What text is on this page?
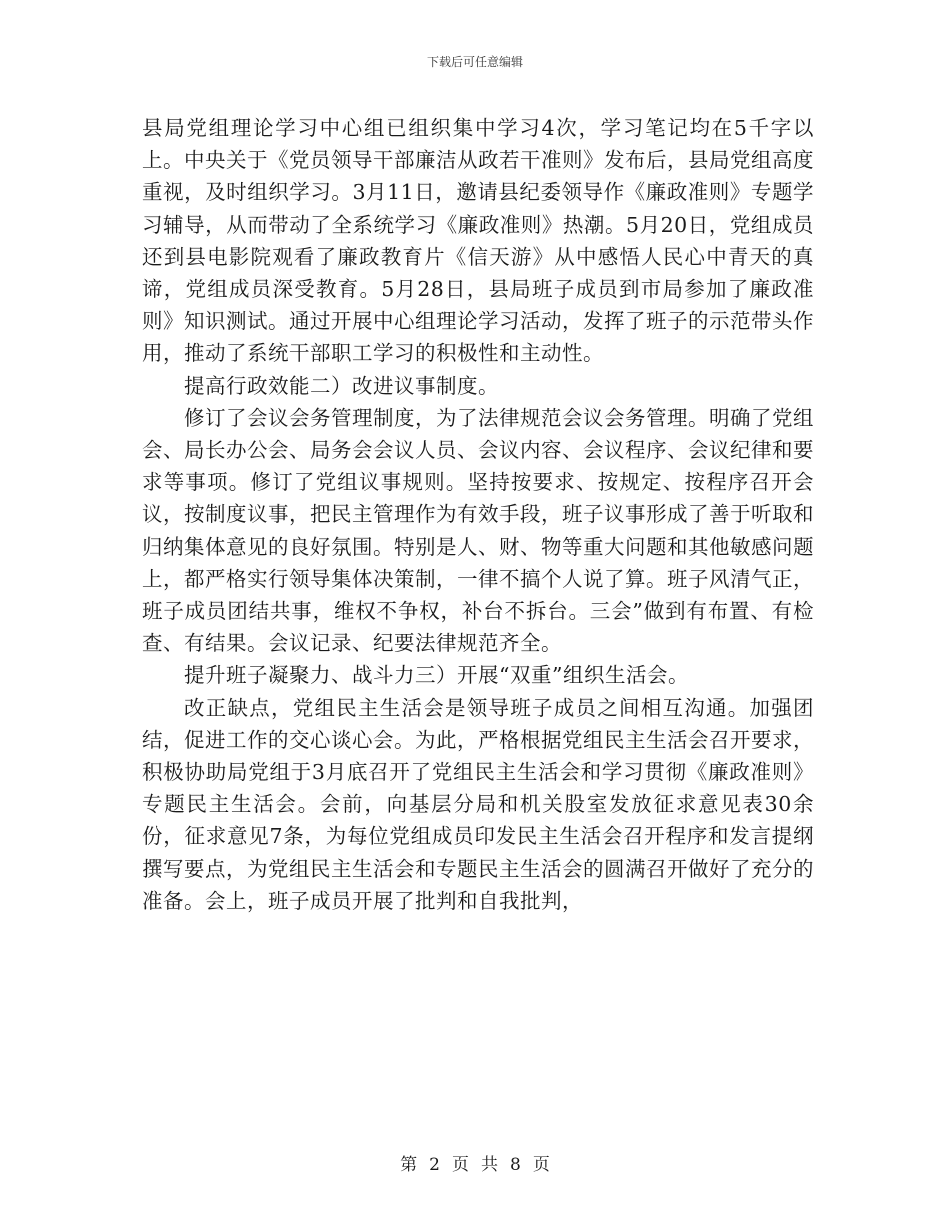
下载后可任意编辑

县局党组理论学习中心组已组织集中学习4次，学习笔记均在5千字以上。中央关于《党员领导干部廉洁从政若干准则》发布后，县局党组高度重视，及时组织学习。3月11日，邀请县纪委领导作《廉政准则》专题学习辅导，从而带动了全系统学习《廉政准则》热潮。5月20日，党组成员还到县电影院观看了廉政教育片《信天游》从中感悟人民心中青天的真谛，党组成员深受教育。5月28日，县局班子成员到市局参加了廉政准则》知识测试。通过开展中心组理论学习活动，发挥了班子的示范带头作用，推动了系统干部职工学习的积极性和主动性。

提高行政效能二）改进议事制度。

修订了会议会务管理制度，为了法律规范会议会务管理。明确了党组会、局长办公会、局务会会议人员、会议内容、会议程序、会议纪律和要求等事项。修订了党组议事规则。坚持按要求、按规定、按程序召开会议，按制度议事，把民主管理作为有效手段，班子议事形成了善于听取和归纳集体意见的良好氛围。特别是人、财、物等重大问题和其他敏感问题上，都严格实行领导集体决策制，一律不搞个人说了算。班子风清气正，班子成员团结共事，维权不争权，补台不拆台。三会”做到有布置、有检查、有结果。会议记录、纪要法律规范齐全。

提升班子凝聚力、战斗力三）开展“双重”组织生活会。

改正缺点，党组民主生活会是领导班子成员之间相互沟通。加强团结，促进工作的交心谈心会。为此，严格根据党组民主生活会召开要求，积极协助局党组于3月底召开了党组民主生活会和学习贯彻《廉政准则》专题民主生活会。会前，向基层分局和机关股室发放征求意见表30余份，征求意见7条，为每位党组成员印发民主生活会召开程序和发言提纲撰写要点，为党组民主生活会和专题民主生活会的圆满召开做好了充分的准备。会上，班子成员开展了批判和自我批判，

第 2 页 共 8 页
